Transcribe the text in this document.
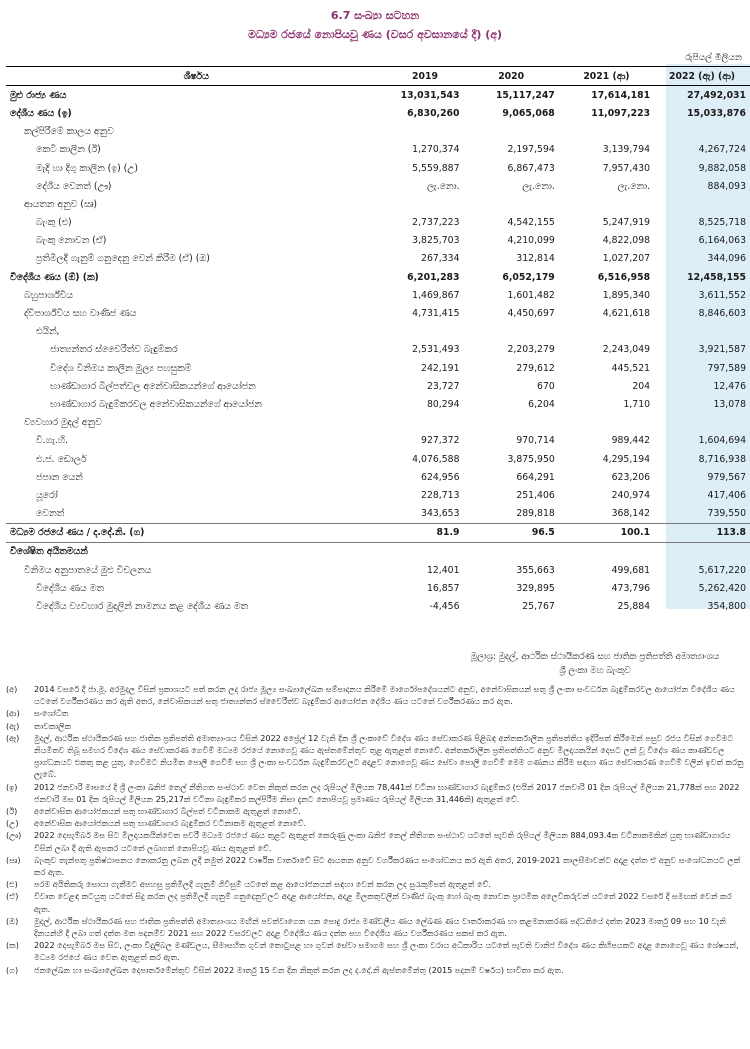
6.7 සංඛ්‍යා සටහන
මධ්‍යම රජයේ නොපියවූ ණය (වසර අවසානයේ දී) (අ)
රුපියල් මිලියන
ශීර්ෂය	2019	2020	2021 (ආ)	2022 (ඇ) (ආ)
මුළු රාජ්‍ය ණය	13,031,543	15,117,247	17,614,181	27,492,031
දේශීය ණය (ඉ)	6,830,260	9,065,068	11,097,223	15,033,876
කල්පිරීමේ කාලය අනුව				
කෙටි කාලීන (ඊ)	1,270,374	2,197,594	3,139,794	4,267,724
මැදි හා දිගු කාලීන (ඉ) (උ)	5,559,887	6,867,473	7,957,430	9,882,058
දේශීය වෙනත් (ඌ)	ලැ.නො.	ලැ.නො.	ලැ.නො.	884,093
ආයතන අනුව (ඍ)				
බැංකු (එ)	2,737,223	4,542,155	5,247,919	8,525,718
බැංකු නොවන (ඒ)	3,825,703	4,210,099	4,822,098	6,164,063
ප්‍රතිමිලදී ගැනුම් ගනුදෙනු වෙන් කිරීම (ඒ) (ඔ)	267,334	312,814	1,027,207	344,096
විදේශීය ණය (ඕ) (ක)	6,201,283	6,052,179	6,516,958	12,458,155
බහුපාර්ශ්වීය	1,469,867	1,601,482	1,895,340	3,611,552
ද්විපාර්ශ්වීය සහ වාණිජ ණය	4,731,415	4,450,697	4,621,618	8,846,603
එයින්,				
ජාත්‍යන්තර ස්වෛරීත්ව බැඳුම්කර	2,531,493	2,203,279	2,243,049	3,921,587
විදේශ විනිමය කාලීන මුල්‍ය පහසුකම්	242,191	279,612	445,521	797,589
භාණ්ඩාගාර බිල්පත්වල අනේවාසිකයන්ගේ ආයෝජන	23,727	670	204	12,476
භාණ්ඩාගාර බැඳුම්කරවල අනේවාසිකයන්ගේ ආයෝජන	80,294	6,204	1,710	13,078
ව්‍යවහාර මුදල් අනුව				
වි.ගැ.හි.	927,372	970,714	989,442	1,604,694
එ.ජ. ඩොලර්	4,076,588	3,875,950	4,295,194	8,716,938
ජපාන යෙන්	624,956	664,291	623,206	979,567
යූරෝ	228,713	251,406	240,974	417,406
වෙනත්	343,653	289,818	368,142	739,550
මධ්‍යම රජයේ ණය / ද.දේ.නි. (ග)	81.9	96.5	100.1	113.8
විශේෂිත අයිතමයන්				
විනිමය අනුපාතයේ මුළු විචලනය	12,401	355,663	499,681	5,617,220
විදේශීය ණය මත	16,857	329,895	473,796	5,262,420
විදේශීය ව්‍යවහාර මුදලින් නාමනය කළ දේශීය ණය මත	-4,456	25,767	25,884	354,800
මූලාශ්‍ර: මුදල්, ආර්ථික ස්ථායීකරණ සහ ජාතික ප්‍රතිපත්ති අමාත්‍යාංශය
ශ්‍රී ලංකා මහ බැංකුව
(අ)	2014 වසරේ දී ජා.මූ. අරමුදල විසින් ප්‍රකාශයට පත් කරන ලද රාජ්‍ය මූල්‍ය සංඛ්‍යාලේඛන සම්පාදනය කිරීමේ මාර්ගෝපදේශයන්ට අනුව, අනේවාසිකයන් සතු ශ්‍රී ලංකා සංවර්ධන බැඳුම්කරවල ආයෝජන විදේශීය ණය යටතේ වර්ගීකරණය කර ඇති අතර, නේවාසිකයන් සතු ජාත්‍යන්තර ස්වෛරීත්ව බැඳුම්කර ආයෝජන දේශීය ණය යටතේ වර්ගීකරණය කර ඇත.
(ආ)	සංශෝධිත
(ඇ)	තාවකාලික
(ඈ)	මුදල්, ආර්ථික ස්ථායීකරණ සහ ජාතික ප්‍රතිපත්ති අමාත්‍යාංශය විසින් 2022 අප්‍රේල් 12 වැනි දින ශ්‍රී ලංකාවේ විදේශ ණය සේවාකරණ පිළිබඳ අන්තර්කාලීන ප්‍රතිපත්තිය ඉදිරිපත් කිරීමෙන් පසුව රජය විසින් ගෙවීමට නියමිතව තිබූ සමහර විදේශ ණය සේවාකරණ ගෙවීම් මධ්‍යම රජයේ නොගෙවූ ණය ඇස්තමේන්තුව තුළ ඇතුළත් නොවේ. අන්තර්කාලීන ප්‍රතිපත්තියට අනුව මිලදායකයින් දෙසට ලක් වූ විදේශ ණය කාණ්ඩවල ප්‍රාග්ධනයට එකතු කළ යුතු, ගෙවීමට නියමිත පොලී ගෙවීම් සහ ශ්‍රී ලංකා සංවර්ධන බැඳුම්කරවලට අදාළව නොගෙවූ ණය සේවා පොලී ගෙවීම් මෙම ගණනය කිරීම සඳහා ණය සේවාකරණ ගෙවීම් වලින් ඉවත් කරනු ලැබේ.
(ඉ)	2012 ජනවාරි මාසයේ දී ශ්‍රී ලංකා ඛනිජ තෙල් නීතිගත සංස්ථාව වෙත නිකුත් කරන ලද රුපියල් මිලියන 78,441ක් වටිනා භාණ්ඩාගාර බැඳුම්කර (එයින් 2017 ජනවාරි 01 දින රුපියල් මිලියන 21,778ක් සහ 2022 ජනවාරි මස 01 දින රුපියල් මිලියන 25,217ක් වටිනා බැඳුම්කර කල්පිරීම නිසා දැනට නොපියවූ ප්‍රමාණය රුපියල් මිලියන 31,446කි) ඇතුළත් වේ.
(ඊ)	අනේවාසික ආයෝජකයන් සතු භාණ්ඩාගාර බිල්පත් වටිනාකම ඇතුළත් නොවේ.
(උ)	අනේවාසික ආයෝජකයන් සතු භාණ්ඩාගාර බැඳුම්කර වටිනාකම ඇතුළත් නොවේ.
(ඌ)	2022 දෙසැම්බර් මස සිට මිලදායකයින්වෙත පවරී මධ්‍යම රජයේ ණය තුළට ඇතුළත් කෙරුණු ලංකා ඛනිජ තෙල් නීතිගත සංස්ථාව යටතේ පැවති රුපියල් මිලියන 884,093.4ක වටිනාකමකින් යුතු භාණ්ඩාගාරය විසින් ලබා දී ඇති ඇපකර යටතේ ලබාගත් නොපියවූ ණය ඇතුළත් වේ.
(ඍ)	බැංකුව තැන්පතු ප්‍රතිෂ්ඨාපනය නොකරනු ලබන ලදී නමුත් 2022 වාර්ෂික වාර්තාවේ සිට ආයතන අනුව වර්ගීකරණය සංශෝධනය කර ඇති අතර, 2019-2021 කාලසීමාවන්ට අදාළ දත්ත ඒ අනුව සංශෝධනයට ලක් කර ඇත.
(එ)	පරම අයිතිකරු සොයා ගැනීමට අපහසු ප්‍රතිමිලදී ගැනුම් ගිවිසුම් යටතේ කළ ආයෝජනයන් සඳහා වෙන් කරන ලද සුරැකුම්පත් ඇතුළත් වේ.
(ඒ)	විවෘත වෙළඳ කටයුතු යටතේ සිදු කරන ලද ප්‍රතිමිලදී ගැනුම් ගනුදෙනුවලට අදාළ ආයෝජන, අදාළ මිලකතුවලින් වාණිජ බැංකු හෝ බැංකු නොවන ප්‍රාථමික අලෙවිකරුවන් යටතේ 2022 වසරේ දී සමඟක් වෙන් කර ඇත.
(ඔ)	මුදල්, ආර්ථික ස්ථායීකරණ සහ ජාතික ප්‍රතිපත්ති අමාත්‍යාංශය මඟින් පවත්වාගෙන යන පොදු රාජ්‍ය මණ්ඩලීය ණය ලේඛණ ණය වාර්තාකරණ හා කළමනාකරණ පද්ධතියේ දත්ත 2023 මාර්තු 09 සහ 10 වැනි දිනයන්හි දී ලබා ගත් දත්ත මත පදනම්ව 2021 සහ 2022 වසරවලට අදාළ විදේශීය ණය දත්ත සහ විදේශීය ණය වර්ගීකරණය සකස් කර ඇත.
(ක)	2022 දෙසැම්බර් මස සිට, ලංකා විදුලිබල මණ්ඩලය, සීමාසහිත ගුවන් තොටුපළ හා ගුවන් සේවා සමාගම සහ ශ්‍රී ලංකා වරාය අධිකාරිය යටතේ පැවති වානිජ විදේශ ණය කිහිපයකට අදාළ නොගෙවූ ණය ශේෂයන්, මධ්‍යම රජයේ ණය වෙත ඇතුළත් කර ඇත.
(ග)	ජනලේඛන හා සංඛ්‍යාලේඛන දෙපාර්තමේන්තුව විසින් 2022 මාර්තු 15 වන දින නිකුත් කරන ලද ද.දේ.නි ඇස්තමේන්තු (2015 පදනම් වර්ෂය) භාවිතා කර ඇත.
